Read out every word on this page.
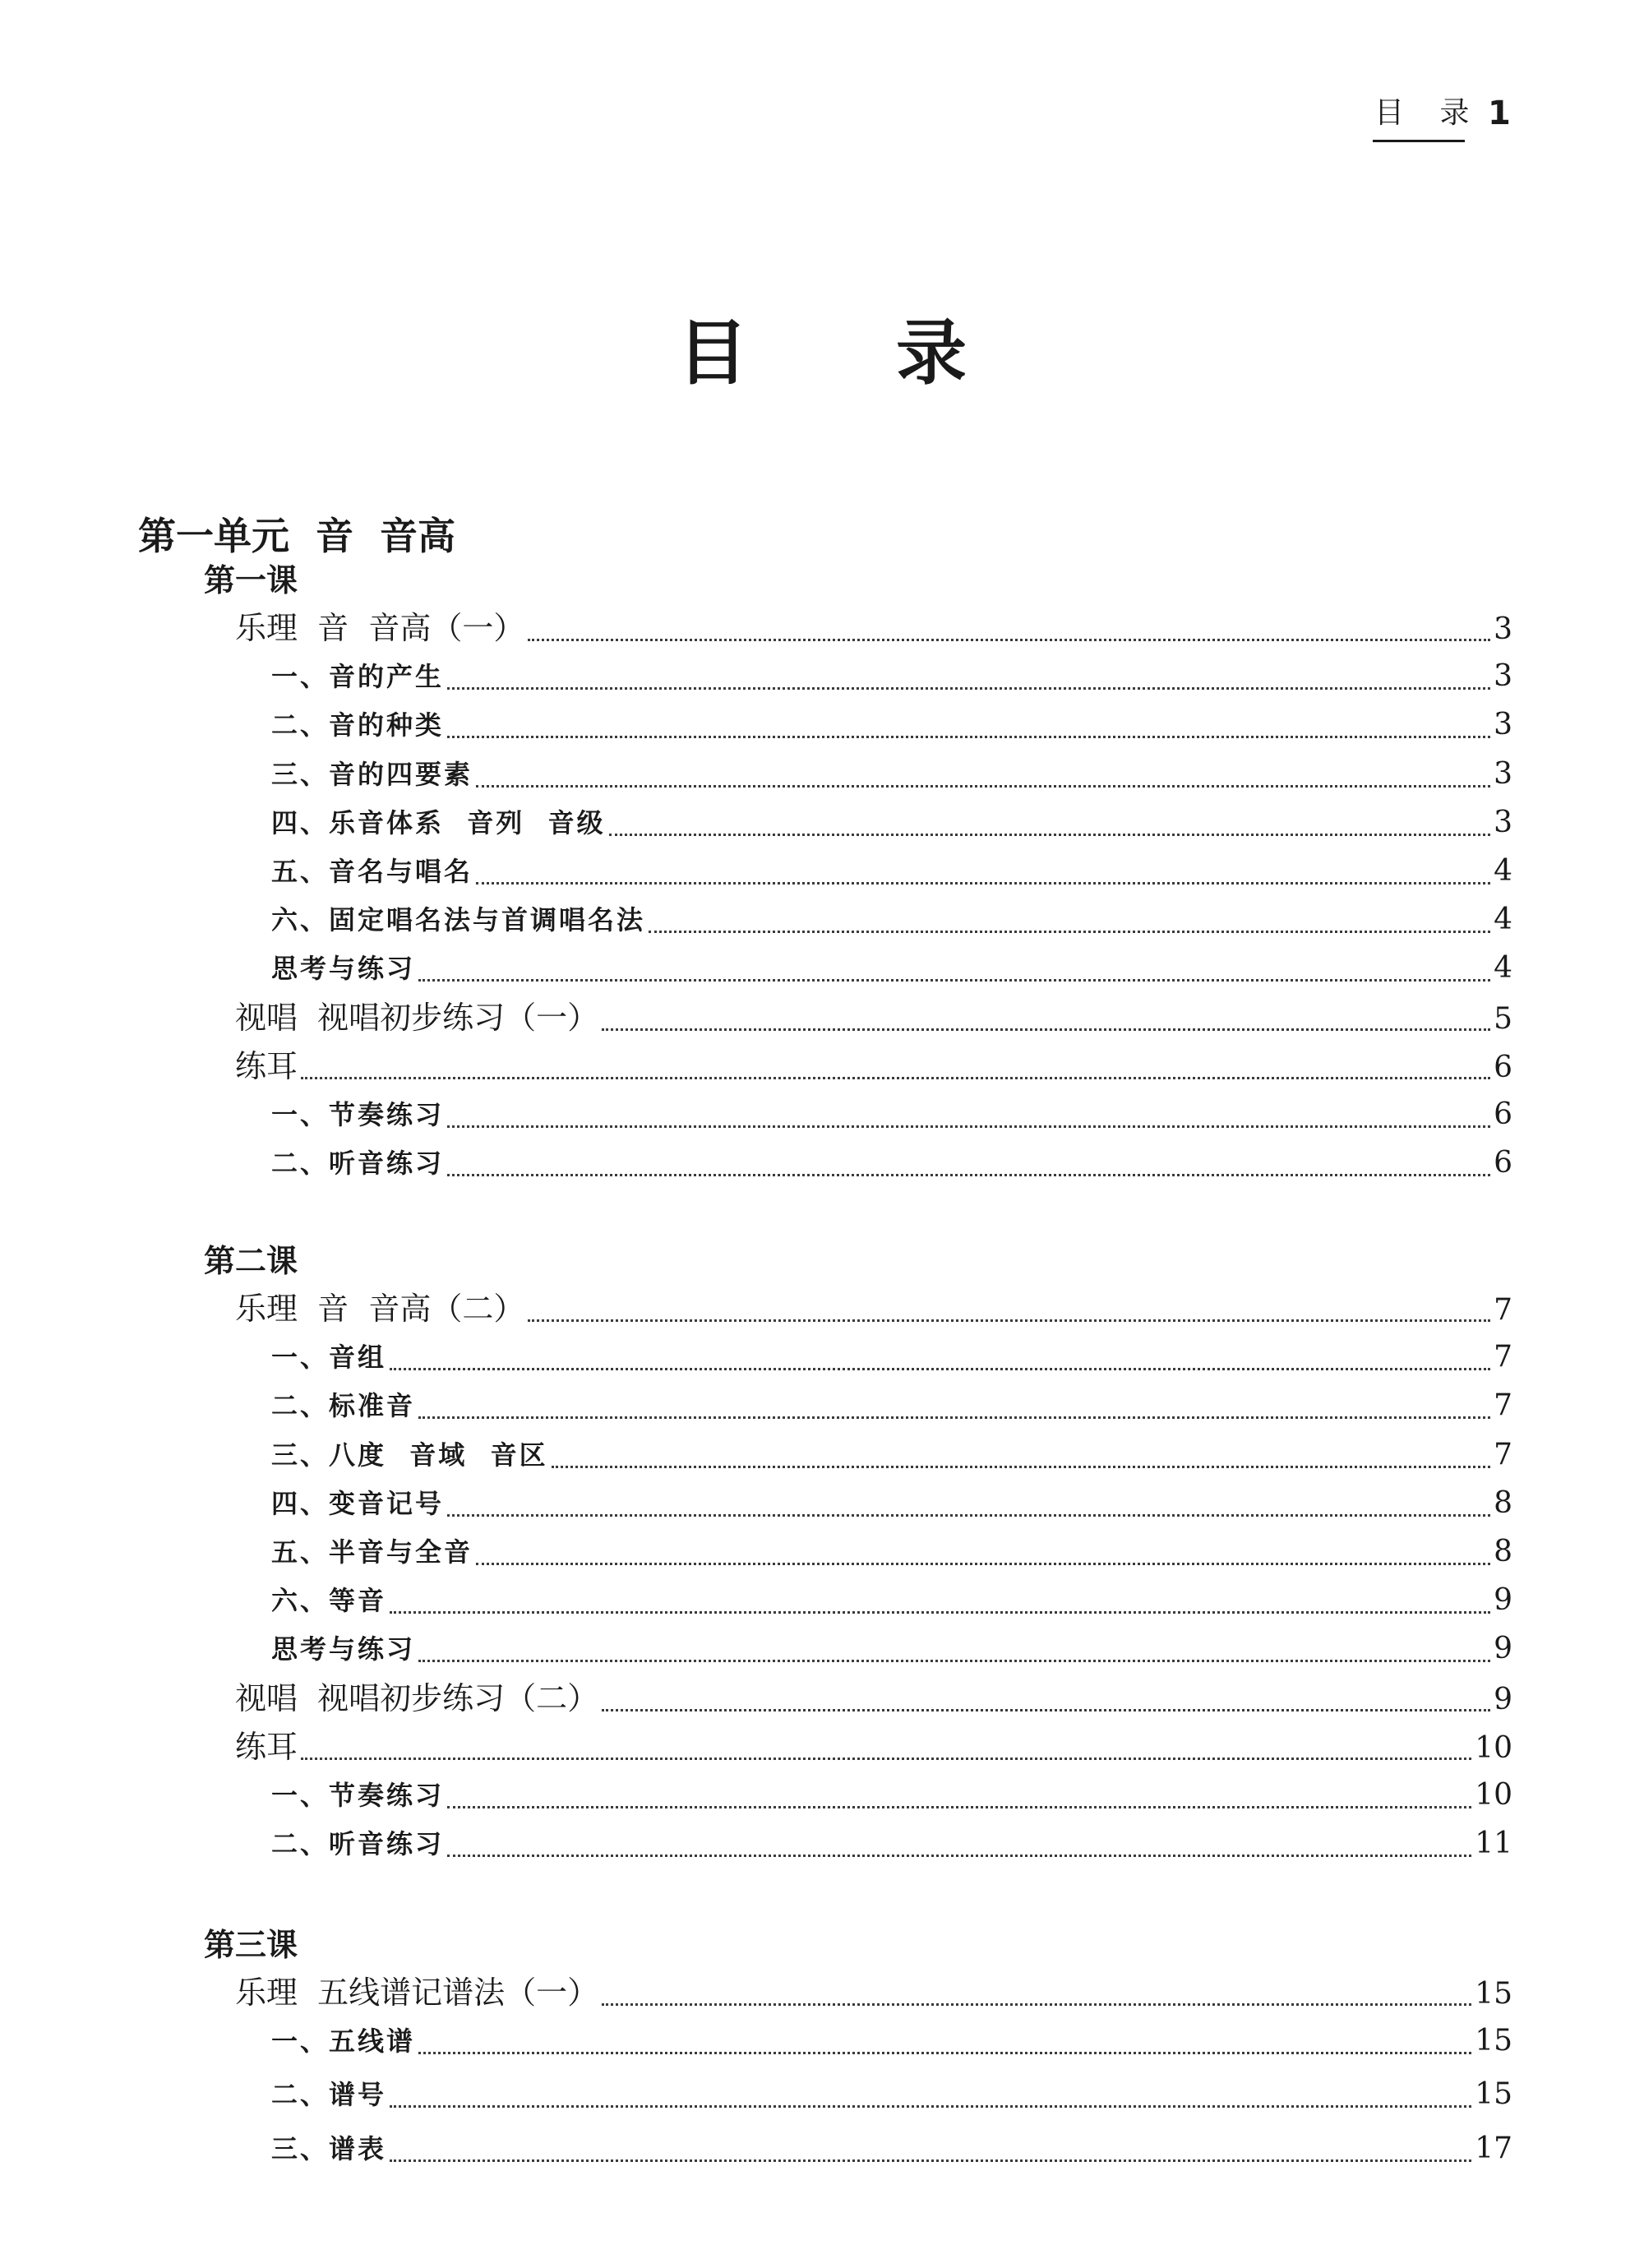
目 录 1
目录
第一单元  音  音高
第一课
乐理  音  音高（一）	3
一、音的产生	3
二、音的种类	3
三、音的四要素	3
四、乐音体系  音列  音级	3
五、音名与唱名	4
六、固定唱名法与首调唱名法	4
思考与练习	4
视唱  视唱初步练习（一）	5
练耳	6
一、节奏练习	6
二、听音练习	6
第二课
乐理  音  音高（二）	7
一、音组	7
二、标准音	7
三、八度  音域  音区	7
四、变音记号	8
五、半音与全音	8
六、等音	9
思考与练习	9
视唱  视唱初步练习（二）	9
练耳	10
一、节奏练习	10
二、听音练习	11
第三课
乐理  五线谱记谱法（一）	15
一、五线谱	15
二、谱号	15
三、谱表	17
